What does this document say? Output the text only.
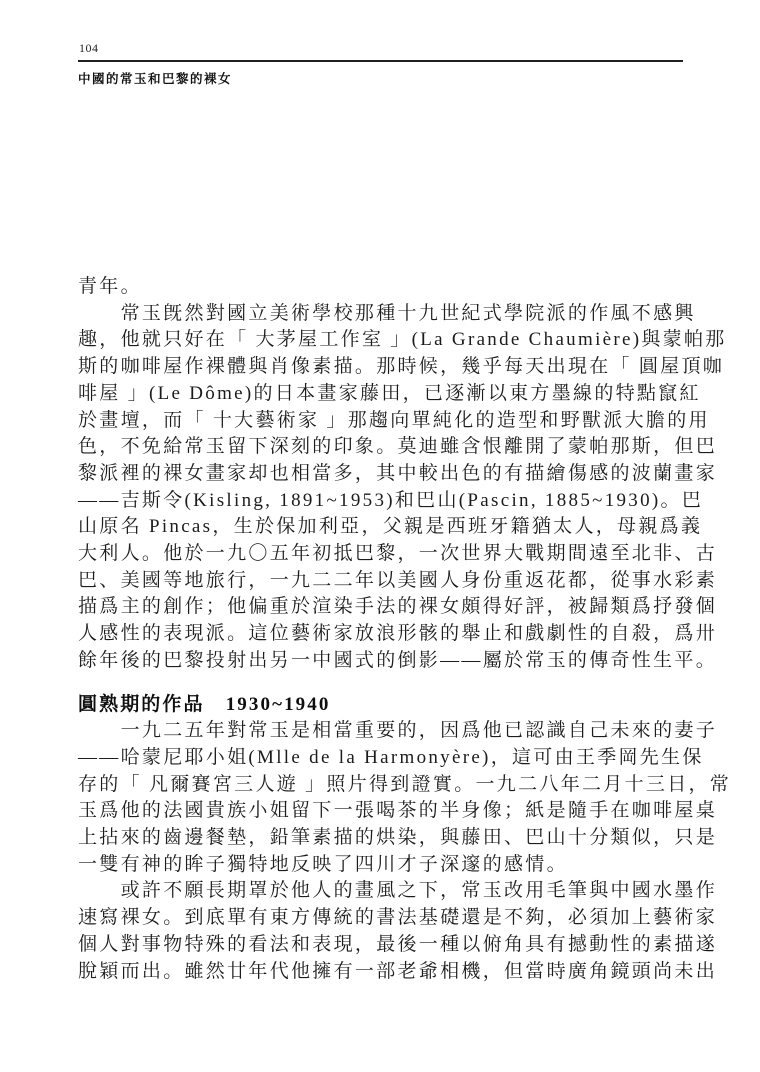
104
中國的常玉和巴黎的裸女
青年。
　　常玉旣然對國立美術學校那種十九世紀式學院派的作風不感興
趣，他就只好在「 大茅屋工作室 」(La Grande Chaumière)與蒙帕那
斯的咖啡屋作裸體與肖像素描。那時候，幾乎每天出現在「 圓屋頂咖
啡屋 」(Le Dôme)的日本畫家藤田，已逐漸以東方墨線的特點竄紅
於畫壇，而「 十大藝術家 」那趨向單純化的造型和野獸派大膽的用
色，不免給常玉留下深刻的印象。莫迪雖含恨離開了蒙帕那斯，但巴
黎派裡的裸女畫家却也相當多，其中較出色的有描繪傷感的波蘭畫家
——吉斯令(Kisling, 1891~1953)和巴山(Pascin, 1885~1930)。巴
山原名 Pincas，生於保加利亞，父親是西班牙籍猶太人，母親爲義
大利人。他於一九〇五年初抵巴黎，一次世界大戰期間遠至北非、古
巴、美國等地旅行，一九二二年以美國人身份重返花都，從事水彩素
描爲主的創作；他偏重於渲染手法的裸女頗得好評，被歸類爲抒發個
人感性的表現派。這位藝術家放浪形骸的舉止和戲劇性的自殺，爲卅
餘年後的巴黎投射出另一中國式的倒影——屬於常玉的傳奇性生平。
圓熟期的作品　1930~1940
　　一九二五年對常玉是相當重要的，因爲他已認識自己未來的妻子
——哈蒙尼耶小姐(Mlle de la Harmonyère)，這可由王季岡先生保
存的「 凡爾賽宮三人遊 」照片得到證實。一九二八年二月十三日，常
玉爲他的法國貴族小姐留下一張喝茶的半身像；紙是隨手在咖啡屋桌
上拈來的齒邊餐墊，鉛筆素描的烘染，與藤田、巴山十分類似，只是
一雙有神的眸子獨特地反映了四川才子深邃的感情。
　　或許不願長期罩於他人的畫風之下，常玉改用毛筆與中國水墨作
速寫裸女。到底單有東方傳統的書法基礎還是不夠，必須加上藝術家
個人對事物特殊的看法和表現，最後一種以俯角具有撼動性的素描遂
脫穎而出。雖然廿年代他擁有一部老爺相機，但當時廣角鏡頭尚未出
